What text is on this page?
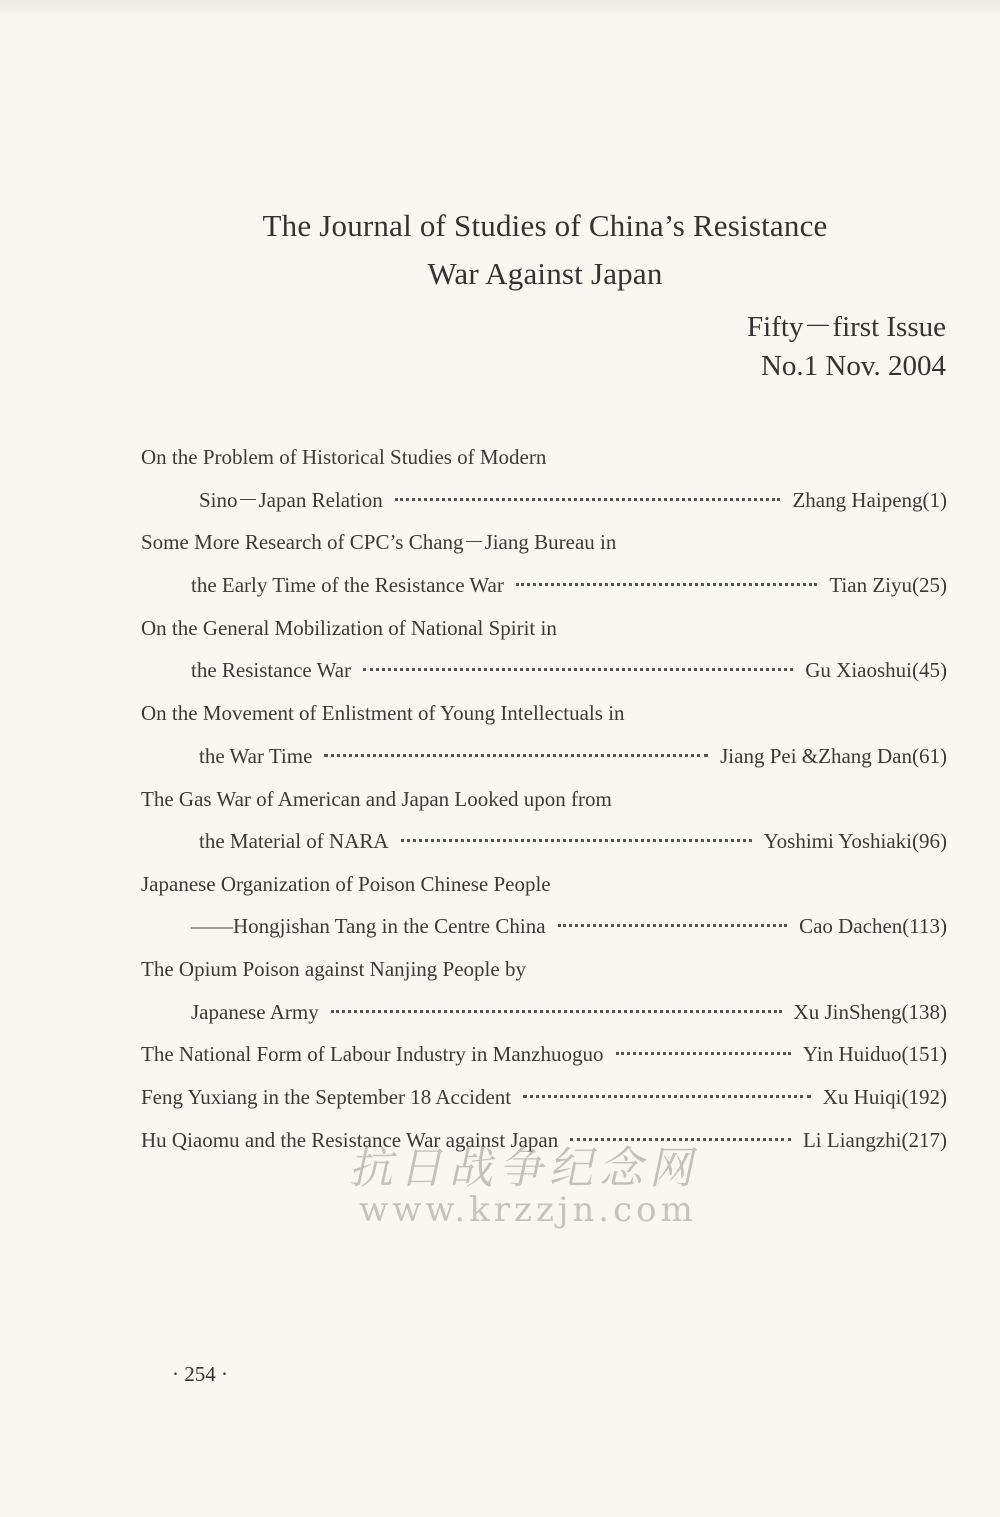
The Journal of Studies of China’s Resistance
War Against Japan
Fifty－first Issue
No.1 Nov. 2004
On the Problem of Historical Studies of Modern
Sino－Japan Relation	Zhang Haipeng(1)
Some More Research of CPC’s Chang－Jiang Bureau in
the Early Time of the Resistance War	Tian Ziyu(25)
On the General Mobilization of National Spirit in
the Resistance War	Gu Xiaoshui(45)
On the Movement of Enlistment of Young Intellectuals in
the War Time	Jiang Pei &Zhang Dan(61)
The Gas War of American and Japan Looked upon from
the Material of NARA	Yoshimi Yoshiaki(96)
Japanese Organization of Poison Chinese People
——Hongjishan Tang in the Centre China	Cao Dachen(113)
The Opium Poison against Nanjing People by
Japanese Army	Xu JinSheng(138)
The National Form of Labour Industry in Manzhuoguo	Yin Huiduo(151)
Feng Yuxiang in the September 18 Accident	Xu Huiqi(192)
Hu Qiaomu and the Resistance War against Japan	Li Liangzhi(217)
抗日战争纪念网
www.krzzjn.com
· 254 ·
